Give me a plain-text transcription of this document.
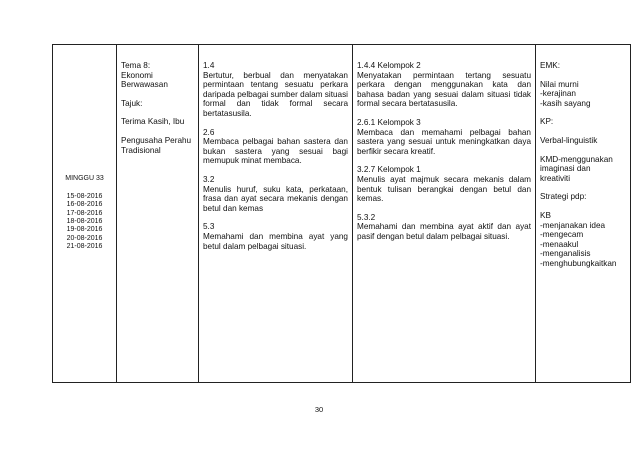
MINGGU 33
15-08-2016
16-08-2016
17-08-2016
18-08-2016
19-08-2016
20-08-2016
21-08-2016

Tema 8:
Ekonomi Berwawasan
Tajuk:
Terima Kasih, Ibu
Pengusaha Perahu Tradisional

1.4
Bertutur, berbual dan menyatakan permintaan tentang sesuatu perkara daripada pelbagai sumber dalam situasi formal dan tidak formal secara bertatasusila.
2.6
Membaca pelbagai bahan sastera dan bukan sastera yang sesuai bagi memupuk minat membaca.
3.2
Menulis huruf, suku kata, perkataan, frasa dan ayat secara mekanis dengan betul dan kemas
5.3
Memahami dan membina ayat yang betul dalam pelbagai situasi.

1.4.4 Kelompok 2
Menyatakan permintaan tertang sesuatu perkara dengan menggunakan kata dan bahasa badan yang sesuai dalam situasi tidak formal secara bertatasusila.
2.6.1 Kelompok 3
Membaca dan memahami pelbagai bahan sastera yang sesuai untuk meningkatkan daya berfikir secara kreatif.
3.2.7 Kelompok 1
Menulis ayat majmuk secara mekanis dalam bentuk tulisan berangkai dengan betul dan kemas.
5.3.2
Memahami dan membina ayat aktif dan ayat pasif dengan betul dalam pelbagai situasi.

EMK:
Nilai murni
-kerajinan
-kasih sayang
KP:
Verbal-linguistik
KMD-menggunakan
imaginasi dan
kreativiti
Strategi pdp:
KB
-menjanakan idea
-mengecam
-menaakul
-menganalisis
-menghubungkaitkan
30
